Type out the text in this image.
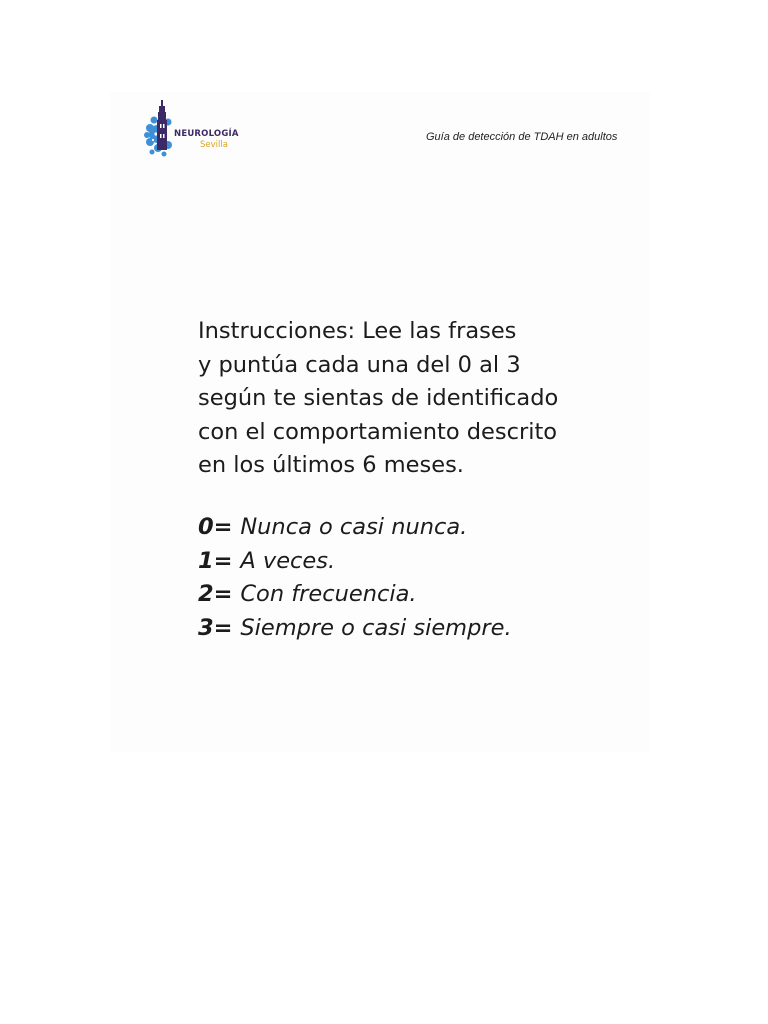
NEUROLOGÍA
Sevilla
Guía de detección de TDAH en adultos
Instrucciones: Lee las frases
y puntúa cada una del 0 al 3
según te sientas de identificado
con el comportamiento descrito
en los últimos 6 meses.
0= Nunca o casi nunca.
1= A veces.
2= Con frecuencia.
3= Siempre o casi siempre.
